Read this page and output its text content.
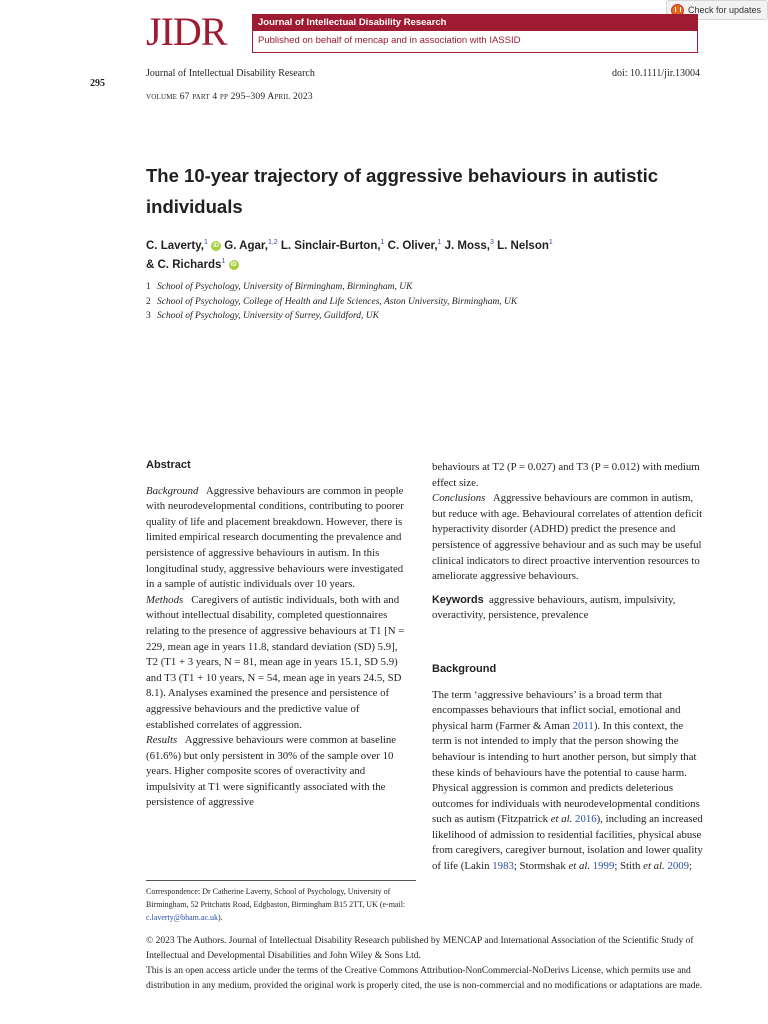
295
Check for updates
JIDR	Journal of Intellectual Disability Research
Published on behalf of mencap and in association with IASSID
Journal of Intellectual Disability Research	doi: 10.1111/jir.13004
volume 67 part 4 pp 295–309 April 2023
The 10-year trajectory of aggressive behaviours in autistic individuals
C. Laverty,$^1$ iD G. Agar,$^{1,2}$ L. Sinclair-Burton,$^1$ C. Oliver,$^1$ J. Moss,$^3$ L. Nelson$^1$
& C. Richards$^1$ iD
1 School of Psychology, University of Birmingham, Birmingham, UK
2 School of Psychology, College of Health and Life Sciences, Aston University, Birmingham, UK
3 School of Psychology, University of Surrey, Guildford, UK
Abstract
Background Aggressive behaviours are common in people with neurodevelopmental conditions, contributing to poorer quality of life and placement breakdown. However, there is limited empirical research documenting the prevalence and persistence of aggressive behaviours in autism. In this longitudinal study, aggressive behaviours were investigated in a sample of autistic individuals over 10 years.
Methods Caregivers of autistic individuals, both with and without intellectual disability, completed questionnaires relating to the presence of aggressive behaviours at T1 [N = 229, mean age in years 11.8, standard deviation (SD) 5.9], T2 (T1 + 3 years, N = 81, mean age in years 15.1, SD 5.9) and T3 (T1 + 10 years, N = 54, mean age in years 24.5, SD 8.1). Analyses examined the presence and persistence of aggressive behaviours and the predictive value of established correlates of aggression.
Results Aggressive behaviours were common at baseline (61.6%) but only persistent in 30% of the sample over 10 years. Higher composite scores of overactivity and impulsivity at T1 were significantly associated with the persistence of aggressive
Correspondence: Dr Catherine Laverty, School of Psychology, University of Birmingham, 52 Pritchatts Road, Edgbaston, Birmingham B15 2TT, UK (e-mail: c.laverty@bham.ac.uk).
behaviours at T2 (P = 0.027) and T3 (P = 0.012) with medium effect size.
Conclusions Aggressive behaviours are common in autism, but reduce with age. Behavioural correlates of attention deficit hyperactivity disorder (ADHD) predict the presence and persistence of aggressive behaviour and as such may be useful clinical indicators to direct proactive intervention resources to ameliorate aggressive behaviours.
Keywords aggressive behaviours, autism, impulsivity, overactivity, persistence, prevalence
Background
The term ‘aggressive behaviours’ is a broad term that encompasses behaviours that inflict social, emotional and physical harm (Farmer & Aman 2011). In this context, the term is not intended to imply that the person showing the behaviour is intending to hurt another person, but simply that these kinds of behaviours have the potential to cause harm. Physical aggression is common and predicts deleterious outcomes for individuals with neurodevelopmental conditions such as autism (Fitzpatrick et al. 2016), including an increased likelihood of admission to residential facilities, physical abuse from caregivers, caregiver burnout, isolation and lower quality of life (Lakin 1983; Stormshak et al. 1999; Stith et al. 2009;
© 2023 The Authors. Journal of Intellectual Disability Research published by MENCAP and International Association of the Scientific Study of Intellectual and Developmental Disabilities and John Wiley & Sons Ltd.
This is an open access article under the terms of the Creative Commons Attribution-NonCommercial-NoDerivs License, which permits use and distribution in any medium, provided the original work is properly cited, the use is non-commercial and no modifications or adaptations are made.
